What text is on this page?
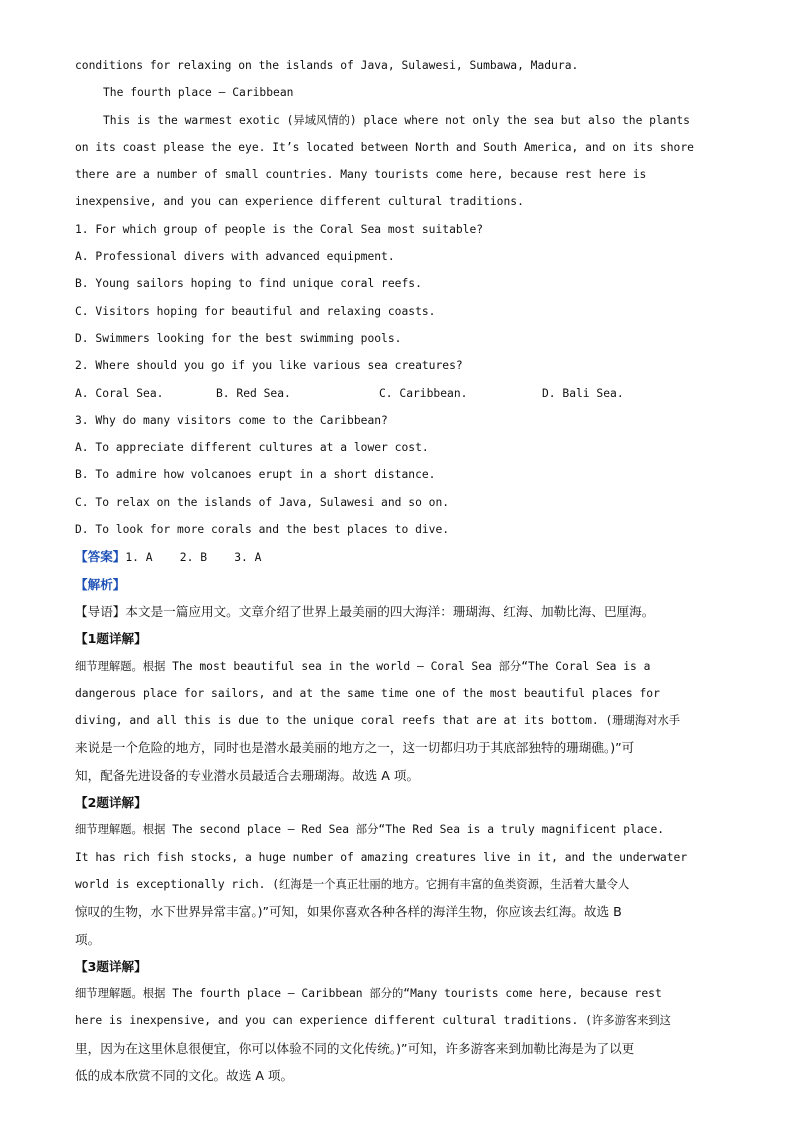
conditions for relaxing on the islands of Java, Sulawesi, Sumbawa, Madura.
The fourth place — Caribbean
This is the warmest exotic (异域风情的) place where not only the sea but also the plants
on its coast please the eye. It’s located between North and South America, and on its shore
there are a number of small countries. Many tourists come here, because rest here is
inexpensive, and you can experience different cultural traditions.
1. For which group of people is the Coral Sea most suitable?
A. Professional divers with advanced equipment.
B. Young sailors hoping to find unique coral reefs.
C. Visitors hoping for beautiful and relaxing coasts.
D. Swimmers looking for the best swimming pools.
2. Where should you go if you like various sea creatures?
A. Coral Sea.	B. Red Sea.	C. Caribbean.	D. Bali Sea.
3. Why do many visitors come to the Caribbean?
A. To appreciate different cultures at a lower cost.
B. To admire how volcanoes erupt in a short distance.
C. To relax on the islands of Java, Sulawesi and so on.
D. To look for more corals and the best places to dive.
【答案】1. A    2. B    3. A
【解析】
【导语】本文是一篇应用文。文章介绍了世界上最美丽的四大海洋：珊瑚海、红海、加勒比海、巴厘海。
【1题详解】
细节理解题。根据 The most beautiful sea in the world — Coral Sea 部分“The Coral Sea is a
dangerous place for sailors, and at the same time one of the most beautiful places for
diving, and all this is due to the unique coral reefs that are at its bottom. (珊瑚海对水手
来说是一个危险的地方，同时也是潜水最美丽的地方之一，这一切都归功于其底部独特的珊瑚礁。)”可
知，配备先进设备的专业潜水员最适合去珊瑚海。故选 A 项。
【2题详解】
细节理解题。根据 The second place — Red Sea 部分“The Red Sea is a truly magnificent place.
It has rich fish stocks, a huge number of amazing creatures live in it, and the underwater
world is exceptionally rich. (红海是一个真正壮丽的地方。它拥有丰富的鱼类资源，生活着大量令人
惊叹的生物，水下世界异常丰富。)”可知，如果你喜欢各种各样的海洋生物，你应该去红海。故选 B
项。
【3题详解】
细节理解题。根据 The fourth place — Caribbean 部分的“Many tourists come here, because rest
here is inexpensive, and you can experience different cultural traditions. (许多游客来到这
里，因为在这里休息很便宜，你可以体验不同的文化传统。)”可知，许多游客来到加勒比海是为了以更
低的成本欣赏不同的文化。故选 A 项。
